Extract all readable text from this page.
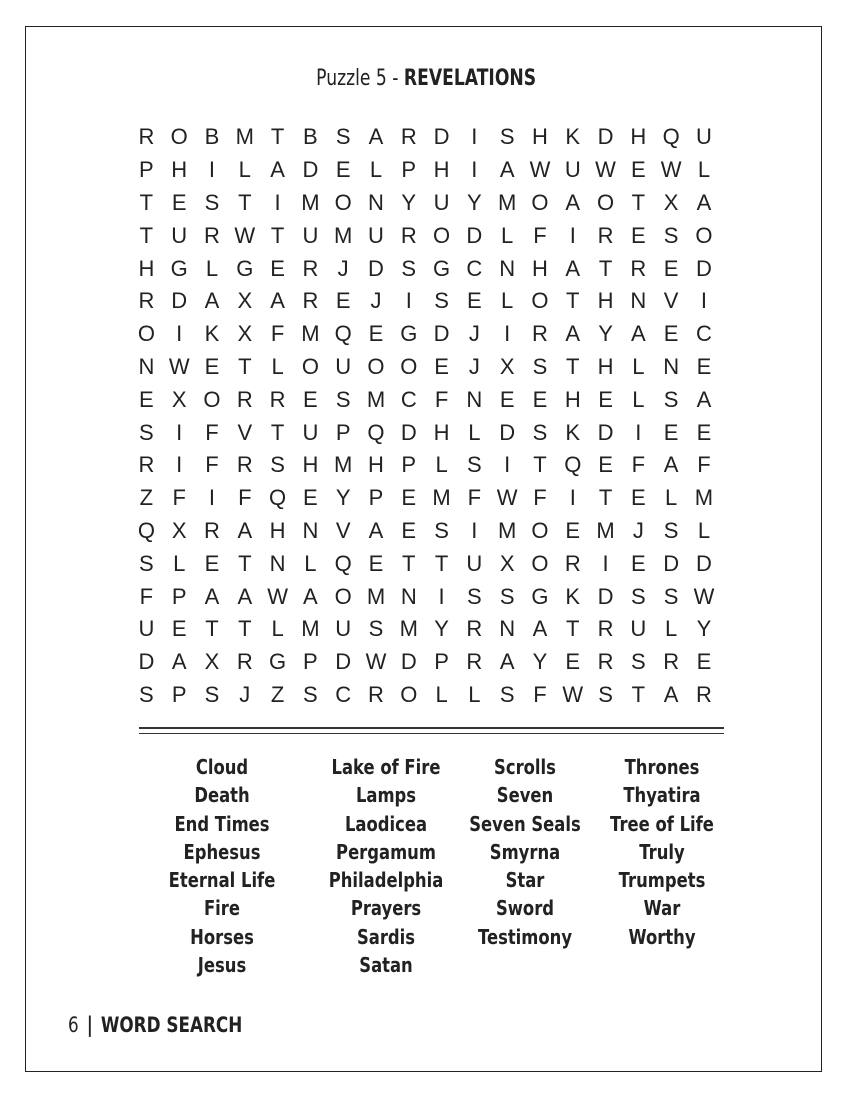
Puzzle 5 - REVELATIONS
R O B M T B S A R D I	S H K D H Q U
P H I	L A D E L P H I	A W U W E W L
T E S T	I M O N Y U Y M O A O T X A
T U R W T U M U R O D L F	I R E S O
H G L G E R J D S G C N H A T R E D
R D A X A R E J	I	S E L O T H N V	I
O I	K X F M Q E G D J	I R A Y A E C
N W E T L O U O O E J X S T H L N E
E X O R R E S M C F N E E H E L S A
S	I	F V T U P Q D H L D S K D I	E E
R I	F R S H M H P L S	I	T Q E F A F
Z F	I	F Q E Y P E M F W F	I	T E L M
Q X R A H N V A E S	I M O E M J S L
S L E T N L Q E T T U X O R I	E D D
F P A A W A O M N I	S S G K D S S W
U E T T L M U S M Y R N A T R U L Y
D A X R G P D W D P R A Y E R S R E
S P S J Z S C R O L L S F W S T A R
Cloud
Death
End Times
Ephesus
Eternal Life
Fire
Horses
Jesus
Lake of Fire
Lamps
Laodicea
Pergamum
Philadelphia
Prayers
Sardis
Satan
Scrolls
Seven
Seven Seals
Smyrna
Star
Sword
Testimony
Thrones
Thyatira
Tree of Life
Truly
Trumpets
War
Worthy
6 | WORD SEARCH
